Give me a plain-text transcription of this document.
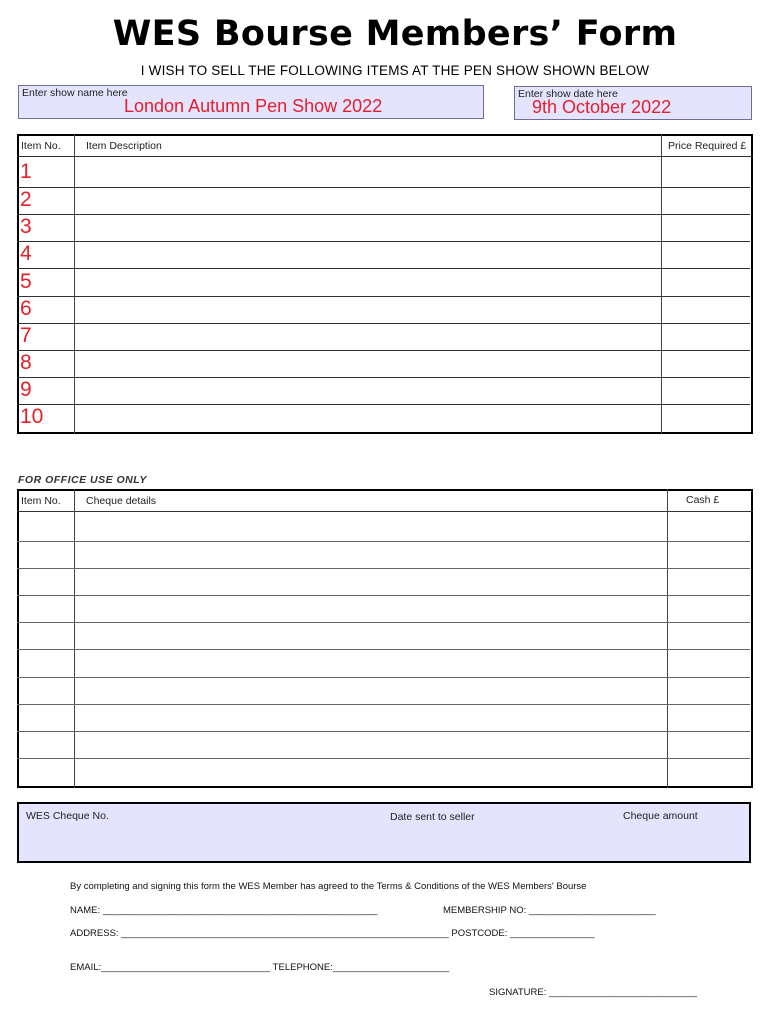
WES Bourse Members’ Form
I WISH TO SELL THE FOLLOWING ITEMS AT THE PEN SHOW SHOWN BELOW
Enter show name here
London Autumn Pen Show 2022
Enter show date here
9th October 2022
Item No. Item Description	Price Required £
1
2
3
4
5
6
7
8
9
10
FOR OFFICE USE ONLY
Item No. Cheque details	Cash £
WES Cheque No.	Date sent to seller	Cheque amount
By completing and signing this form the WES Member has agreed to the Terms & Conditions of the WES Members' Bourse
NAME: ____________________________________________________	MEMBERSHIP NO: ________________________
ADDRESS: ______________________________________________________________ POSTCODE: ________________
EMAIL:________________________________ TELEPHONE:______________________
SIGNATURE: ____________________________
